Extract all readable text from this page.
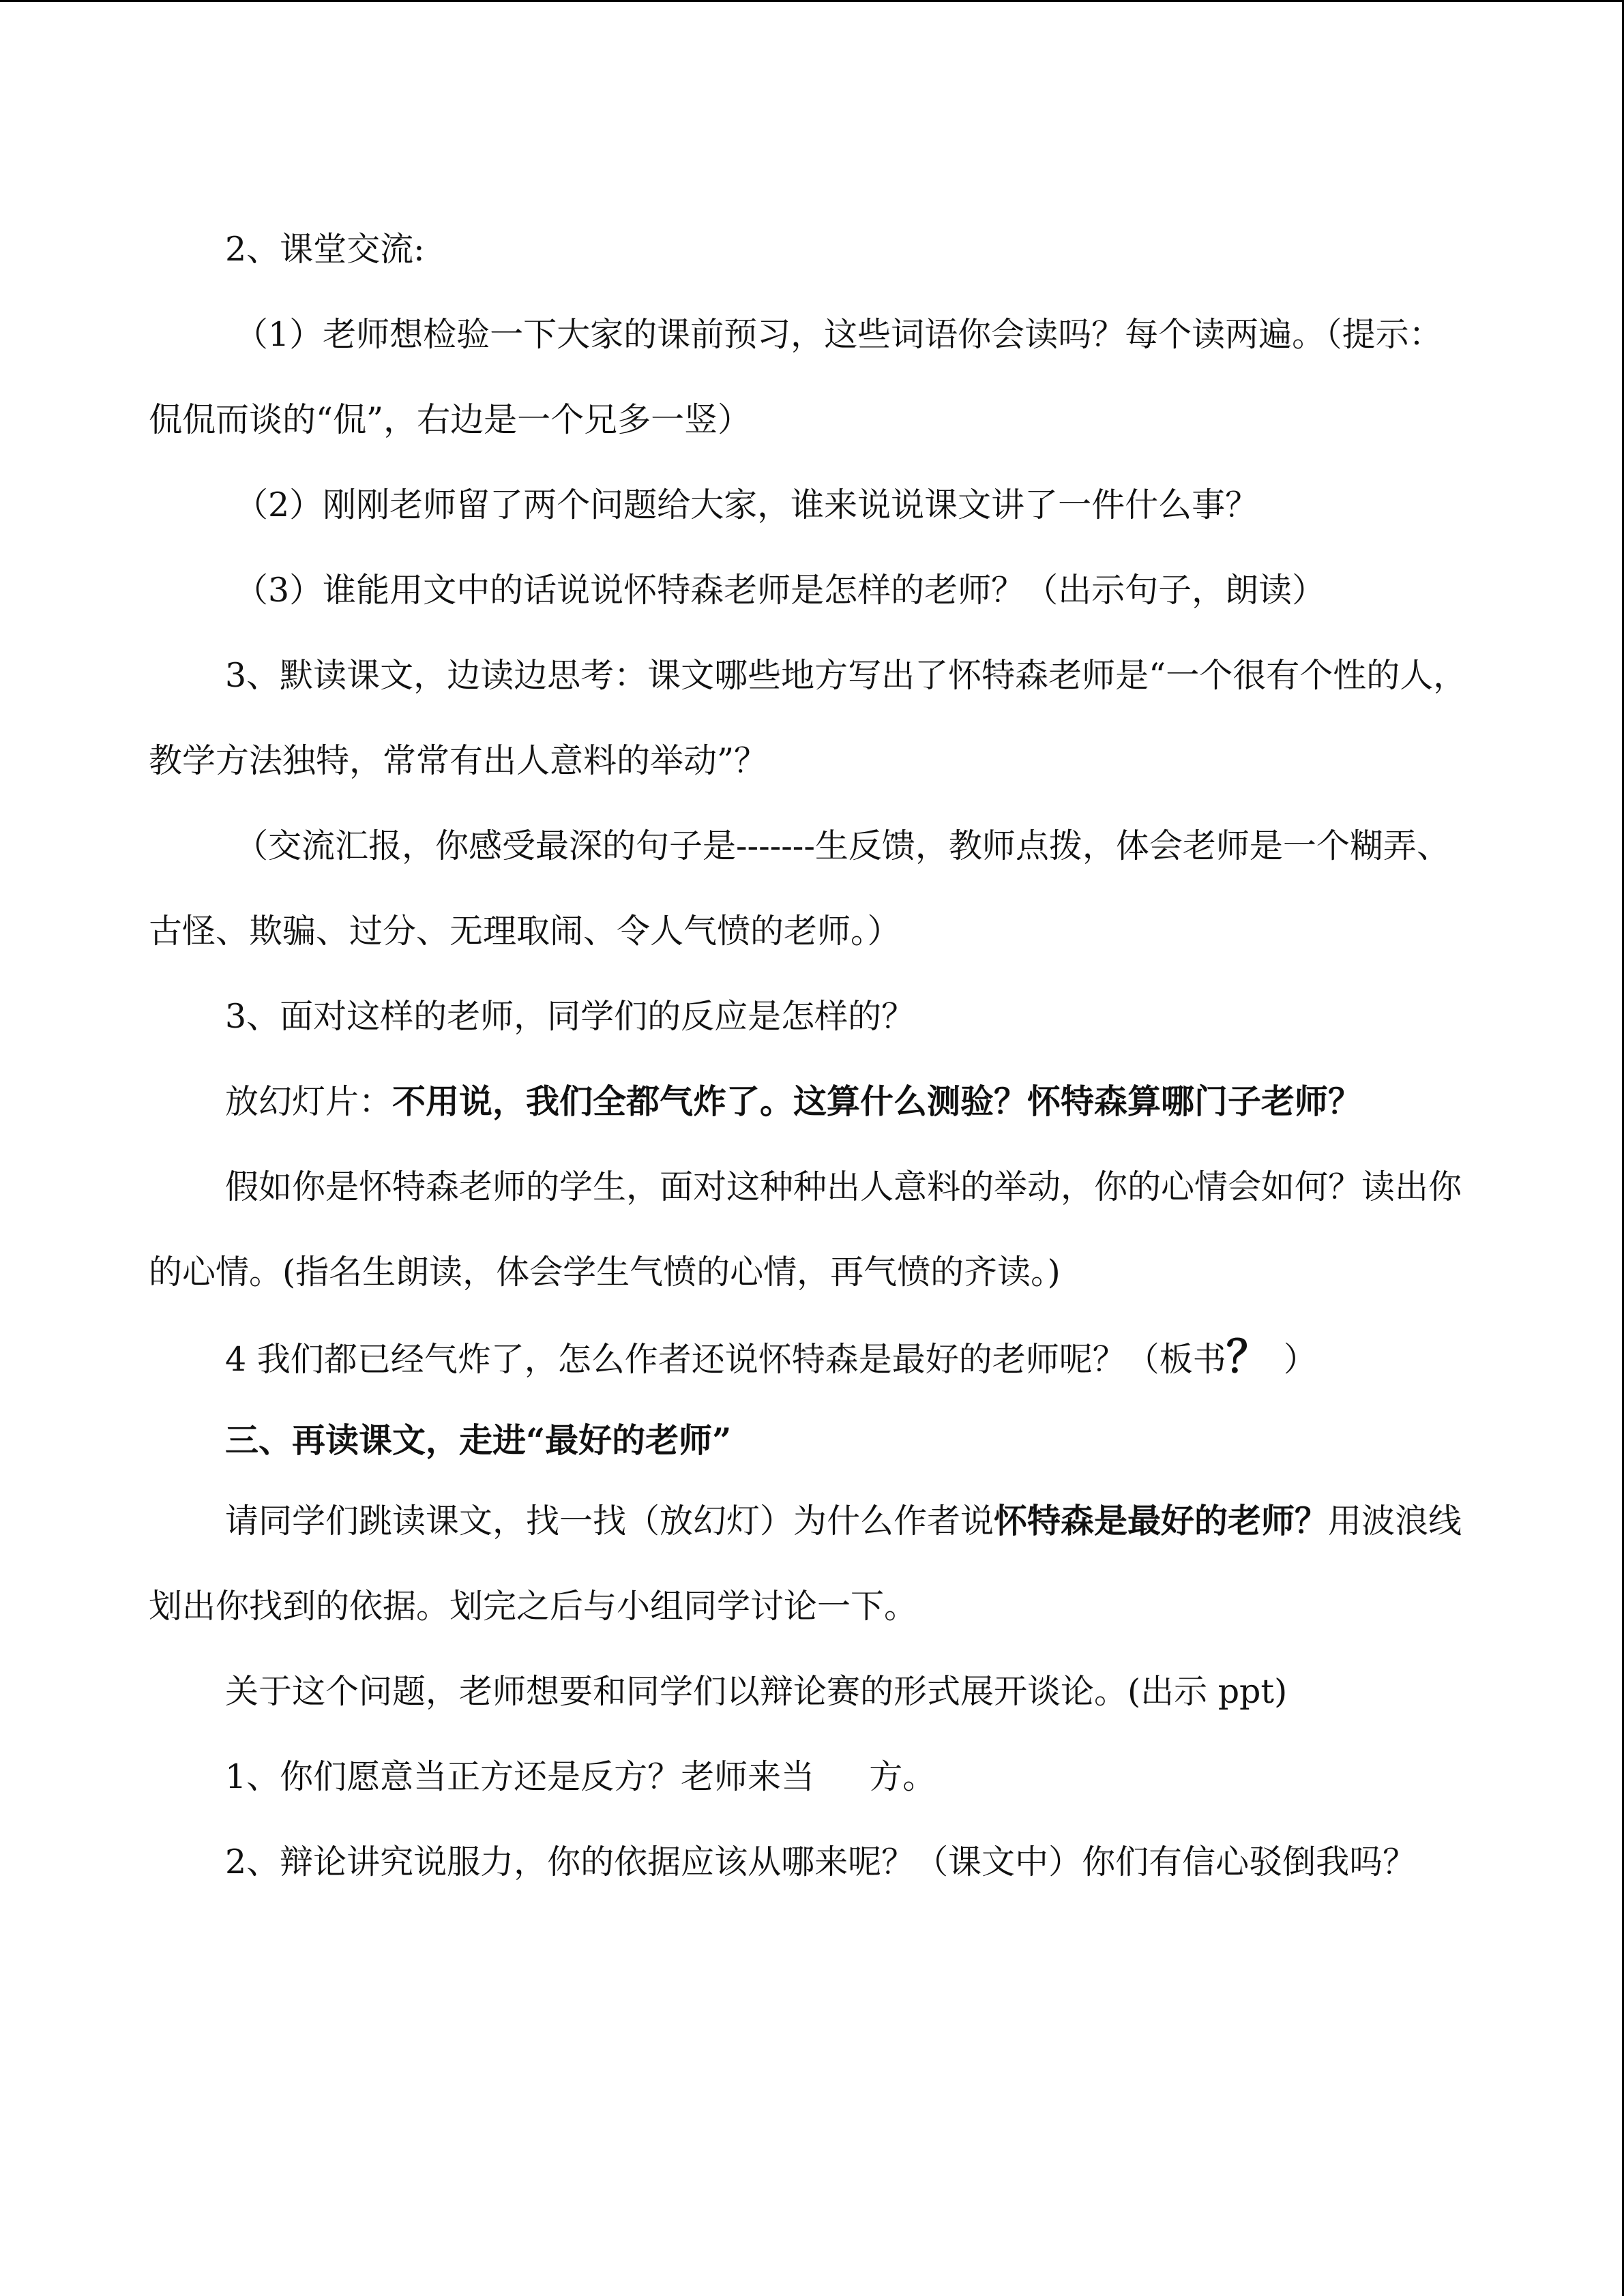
2、课堂交流:

（1）老师想检验一下大家的课前预习，这些词语你会读吗？每个读两遍。（提示：侃侃而谈的“侃”，右边是一个兄多一竖）

（2）刚刚老师留了两个问题给大家，谁来说说课文讲了一件什么事？

（3）谁能用文中的话说说怀特森老师是怎样的老师？（出示句子，朗读）

3、默读课文，边读边思考：课文哪些地方写出了怀特森老师是“一个很有个性的人，教学方法独特，常常有出人意料的举动”？

（交流汇报，你感受最深的句子是-------生反馈，教师点拨，体会老师是一个糊弄、古怪、欺骗、过分、无理取闹、令人气愤的老师。）

3、面对这样的老师，同学们的反应是怎样的？

放幻灯片：不用说，我们全都气炸了。这算什么测验？怀特森算哪门子老师？

假如你是怀特森老师的学生，面对这种种出人意料的举动，你的心情会如何？读出你的心情。(指名生朗读，体会学生气愤的心情，再气愤的齐读。)

4 我们都已经气炸了，怎么作者还说怀特森是最好的老师呢？（板书？ ）

三、再读课文，走进“最好的老师”

请同学们跳读课文，找一找（放幻灯）为什么作者说怀特森是最好的老师？用波浪线划出你找到的依据。划完之后与小组同学讨论一下。

关于这个问题，老师想要和同学们以辩论赛的形式展开谈论。(出示 ppt)

1、你们愿意当正方还是反方？老师来当 方。

2、辩论讲究说服力，你的依据应该从哪来呢？（课文中）你们有信心驳倒我吗？
